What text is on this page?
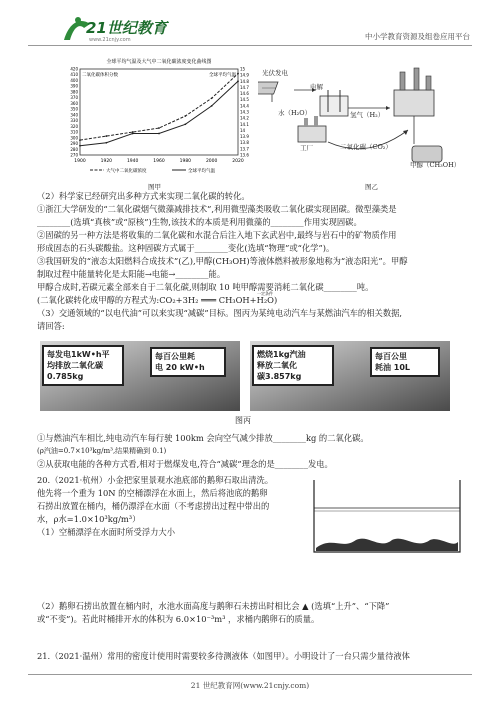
21世纪教育
www.21cnjy.com	中小学教育资源及组卷应用平台
全球平均气温及大气中二氧化碳浓度变化曲线图
二氧化碳体积分数	全球平均气温
270
280
290
300
310
320
330
340
350
360
370
380
390
400
410
420
13.6
13.7
13.8
13.9
14
14.1
14.2
14.3
14.4
14.5
14.6
14.7
14.8
14.9
15
1900	1920	1940	1960	1980	2000	2020
大气中二氧化碳浓度	全球平均气温
图甲
光伏发电
电解
水（H₂O）	氢气（H₂）
工厂	二氧化碳（CO₂）
甲醇（CH₃OH）
图乙
（2）科学家已经研究出多种方式来实现二氧化碳的转化。
①浙江大学研发的“二氧化碳烟气微藻减排技术”,利用微型藻类吸收二氧化碳实现固碳。微型藻类是
________(选填“真核”或“原核”)生物,该技术的本质是利用微藻的________作用实现固碳。
②固碳的另一种方法是将收集的二氧化碳和水混合后注入地下玄武岩中,最终与岩石中的矿物质作用
形成固态的石头碳酸盐。这种固碳方式属于________变化(选填“物理”或“化学”)。
③我国研发的“液态太阳燃料合成技术”(乙),甲醇(CH₃OH)等液体燃料被形象地称为“液态阳光”。甲醇
制取过程中能量转化是太阳能→电能→________能。
甲醇合成时,若碳元素全部来自于二氧化碳,则制取 10 吨甲醇需要消耗二氧化碳________吨。
(二氧化碳转化成甲醇的方程式为:CO₂+3H₂ ═══ CH₃OH+H₂O)
（3）交通领域的“以电代油”可以来实现“减碳”目标。图丙为某纯电动汽车与某燃油汽车的相关数据,
请回答:
一定条件
每发电1kW•h平
均排放二氧化碳
0.785kg
每百公里耗
电 20 kW•h
燃烧1kg汽油
释放二氧化
碳3.857kg
每百公里
耗油 10L
图丙
①与燃油汽车相比,纯电动汽车每行驶 100km 会向空气减少排放________kg 的二氧化碳。
(ρ汽油=0.7×10³kg/m³,结果精确到 0.1)
②从获取电能的各种方式看,相对于燃煤发电,符合“减碳”理念的是________发电。
20.（2021·杭州）小金把家里景观水池底部的鹅卵石取出清洗。
他先将一个重为 10N 的空桶漂浮在水面上，然后将池底的鹅卵
石捞出放置在桶内，桶仍漂浮在水面（不考虑捞出过程中带出的
水，ρ水=1.0×10³kg/m³）
（1）空桶漂浮在水面时所受浮力大小
（2）鹅卵石捞出放置在桶内时，水池水面高度与鹅卵石未捞出时相比会 ▲ (选填“上升”、“下降”
或“不变”)。若此时桶排开水的体积为 6.0×10⁻³m³ ，求桶内鹅卵石的质量。
21.（2021·温州）常用的密度计使用时需要较多待测液体（如图甲）。小明设计了一台只需少量待液体
21 世纪教育网(www.21cnjy.com)
